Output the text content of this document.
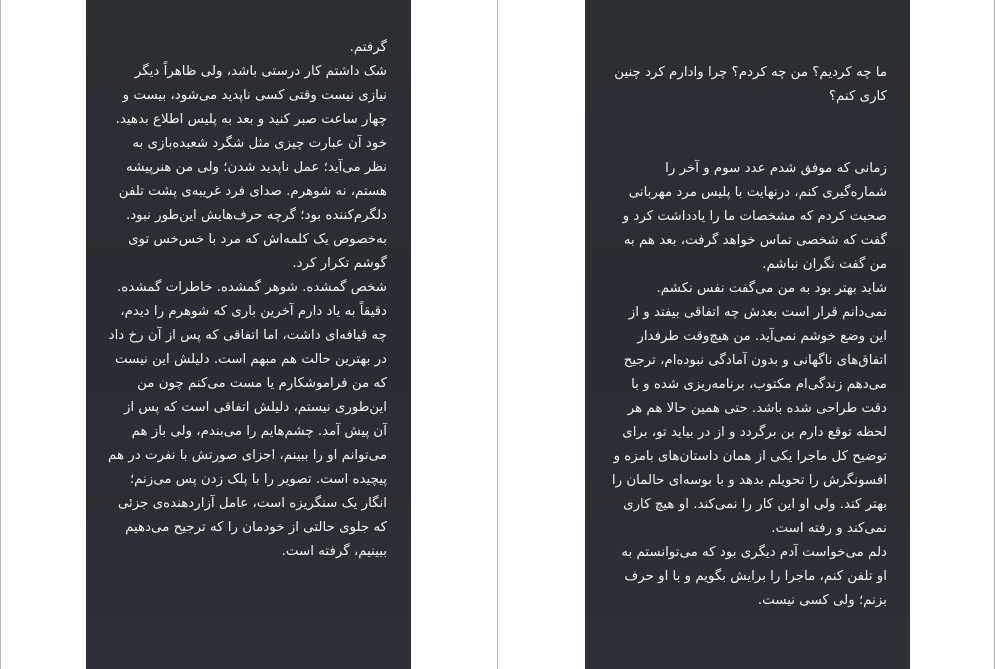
گرفتم.

شک داشتم کار درستی باشد، ولی ظاهراً دیگر نیازی نیست وقتی کسی ناپدید می‌شود، بیست و چهار ساعت صبر کنید و بعد به پلیس اطلاع بدهید. خود آن عبارت چیزی مثل شگرد شعبده‌بازی به نظر می‌آید؛ عمل ناپدید شدن؛ ولی من هنرپیشه هستم، نه شوهرم. صدای فرد غریبه‌ی پشت تلفن دلگرم‌کننده بود؛ گرچه حرف‌هایش این‌طور نبود. به‌خصوص یک کلمه‌اش که مرد با خس‌خس توی گوشم تکرار کرد.

شخص گمشده. شوهر گمشده. خاطرات گمشده.

دقیقاً به یاد دارم آخرین باری که شوهرم را دیدم، چه قیافه‌ای داشت، اما اتفاقی که پس از آن رخ داد در بهترین حالت هم مبهم است. دلیلش این نیست که من فراموشکارم یا مست می‌کنم چون من این‌طوری نیستم، دلیلش اتفاقی است که پس از آن پیش آمد. چشم‌هایم را می‌بندم، ولی باز هم می‌توانم او را ببینم، اجزای صورتش با نفرت در هم پیچیده است. تصویر را با پلک زدن پس می‌زنم؛ انگار یک سنگریزه است، عامل آزاردهنده‌ی جزئی که جلوی حالتی از خودمان را که ترجیح می‌دهیم ببینیم، گرفته است.

ما چه کردیم؟ من چه کردم؟ چرا وادارم کرد چنین کاری کنم؟

زمانی که موفق شدم عدد سوم و آخر را شماره‌گیری کنم، درنهایت با پلیس مرد مهربانی صحبت کردم که مشخصات ما را یادداشت کرد و گفت که شخصی تماس خواهد گرفت، بعد هم به من گفت نگران نباشم.

شاید بهتر بود به من می‌گفت نفس نکشم. نمی‌دانم قرار است بعدش چه اتفاقی بیفتد و از این وضع خوشم نمی‌آید. من هیچ‌وقت طرفدار اتفاق‌های ناگهانی و بدون آمادگی نبوده‌ام، ترجیح می‌دهم زندگی‌ام مکتوب، برنامه‌ریزی شده و با دقت طراحی شده باشد. حتی همین حالا هم هر لحظه توقع دارم بن برگردد و از در بیاید تو، برای توضیح کل ماجرا یکی از همان داستان‌های بامزه و افسونگرش را تحویلم بدهد و با بوسه‌ای حالمان را بهتر کند. ولی او این کار را نمی‌کند. او هیچ کاری نمی‌کند و رفته است.

دلم می‌خواست آدم دیگری بود که می‌توانستم به او تلفن کنم، ماجرا را برایش بگویم و با او حرف بزنم؛ ولی کسی نیست.
